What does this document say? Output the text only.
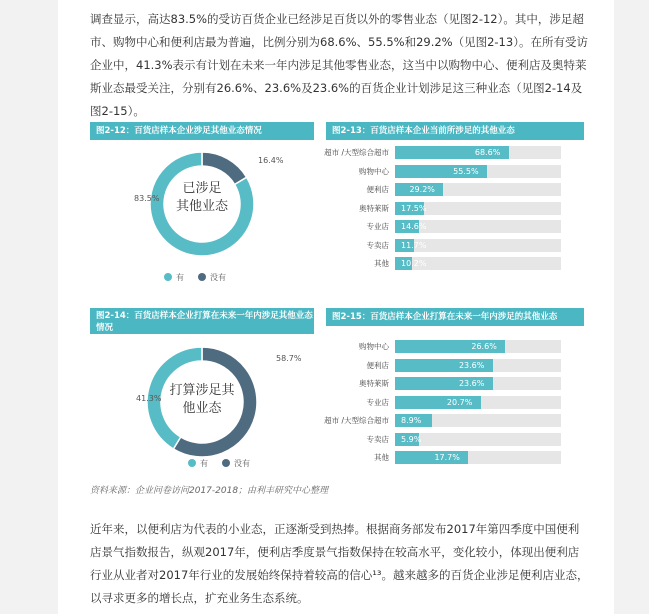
调查显示，高达83.5%的受访百货企业已经涉足百货以外的零售业态（见图2-12）。其中，涉足超市、购物中心和便利店最为普遍，比例分别为68.6%、55.5%和29.2%（见图2-13）。在所有受访企业中，41.3%表示有计划在未来一年内涉足其他零售业态，这当中以购物中心、便利店及奥特莱斯业态最受关注，分别有26.6%、23.6%及23.6%的百货企业计划涉足这三种业态（见图2-14及图2-15）。

图2-12：百货店样本企业涉足其他业态情况
已涉足
其他业态
83.5%
16.4%
有	没有
图2-13：百货店样本企业当前所涉足的其他业态
超市 /大型综合超市	68.6%
购物中心	55.5%
便利店	29.2%
奥特莱斯 17.5%
专业店 14.6%
专卖店 11.7%
其他 10.2%
图2-14：百货店样本企业打算在未来一年内涉足其他业态情况
打算涉足其
他业态
41.3%
58.7%
有	没有
图2-15：百货店样本企业打算在未来一年内涉足的其他业态
购物中心	26.6%
便利店	23.6%
奥特莱斯	23.6%
专业店	20.7%
超市 /大型综合超市 8.9%
专卖店 5.9%
其他	17.7%
资料来源：企业问卷访问2017-2018；由利丰研究中心整理

近年来，以便利店为代表的小业态，正逐渐受到热捧。根据商务部发布2017年第四季度中国便利店景气指数报告，纵观2017年，便利店季度景气指数保持在较高水平，变化较小，体现出便利店行业从业者对2017年行业的发展始终保持着较高的信心¹³。越来越多的百货企业涉足便利店业态，以寻求更多的增长点，扩充业务生态系统。
